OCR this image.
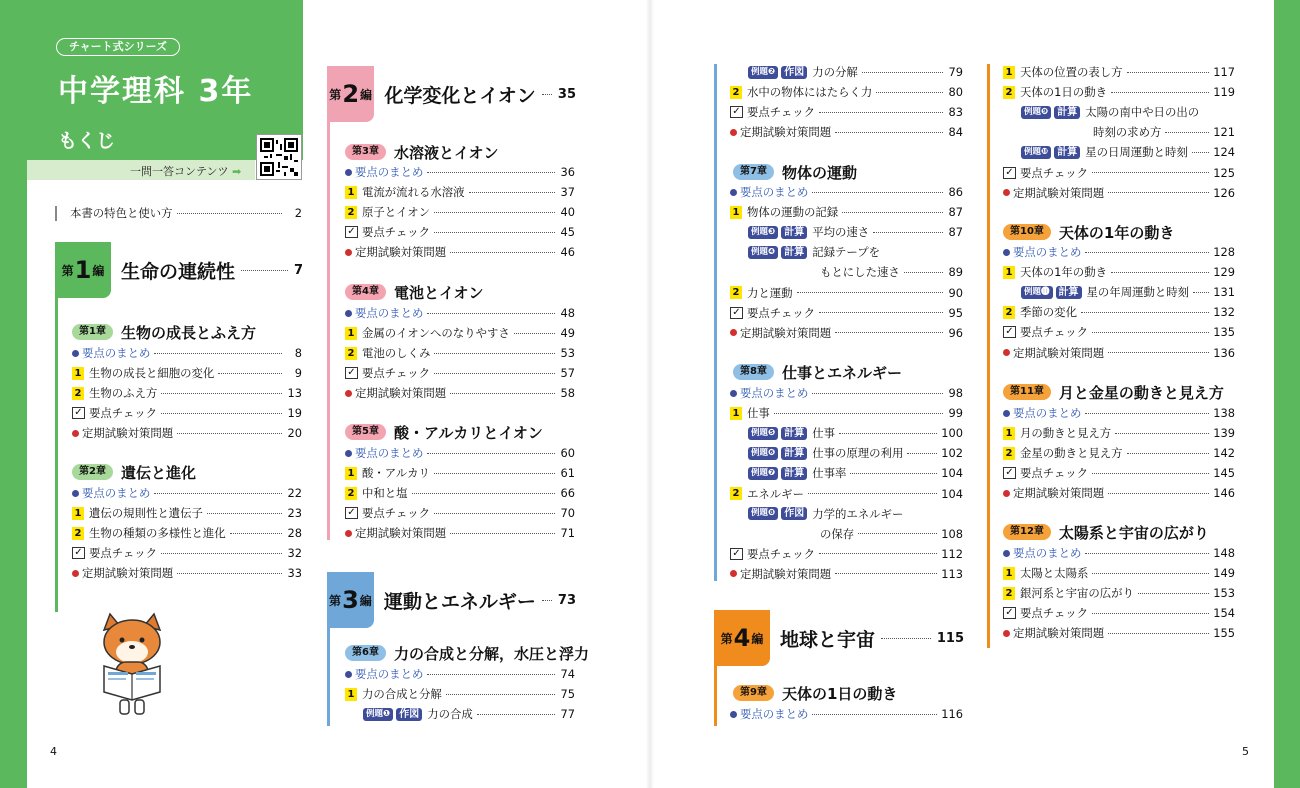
チャート式シリーズ
中学理科 3年
もくじ
一問一答コンテンツ ➡
本書の特色と使い方	2
第 1 編 生命の連続性	7
第1章	生物の成長とふえ方
第2章	遺伝と進化
第 2 編 化学変化とイオン 35
第3章	水溶液とイオン
第4章	電池とイオン
第5章	酸・アルカリとイオン
第 3 編 運動とエネルギー 73
第6章	力の合成と分解，水圧と浮力
第7章	物体の運動
第8章	仕事とエネルギー
第 4 編 地球と宇宙	115
第9章	天体の1日の動き
第10章	天体の1年の動き
第11章	月と金星の動きと見え方
第12章	太陽系と宇宙の広がり
4	5
要点のまとめ	8
1 生物の成長と細胞の変化	9
2 生物のふえ方	13
✓ 要点チェック	19
定期試験対策問題	20
要点のまとめ	22
1 遺伝の規則性と遺伝子	23
2 生物の種類の多様性と進化	28
✓ 要点チェック	32
定期試験対策問題	33
要点のまとめ	36
1 電流が流れる水溶液	37
2 原子とイオン	40
✓ 要点チェック	45
定期試験対策問題	46
要点のまとめ	48
1 金属のイオンへのなりやすさ	49
2 電池のしくみ	53
✓ 要点チェック	57
定期試験対策問題	58
要点のまとめ	60
1 酸・アルカリ	61
2 中和と塩	66
✓ 要点チェック	70
定期試験対策問題	71
要点のまとめ	74
1 力の合成と分解	75
例題❶ 作図 力の合成	77
例題❷ 作図 力の分解	79
2 水中の物体にはたらく力	80
✓ 要点チェック	83
定期試験対策問題	84
要点のまとめ	86
1 物体の運動の記録	87
例題❸ 計算 平均の速さ	87
例題❹ 計算 記録テープを
もとにした速さ	89
2 力と運動	90
✓ 要点チェック	95
定期試験対策問題	96
要点のまとめ	98
1 仕事	99
例題❺ 計算 仕事	100
例題❻ 計算 仕事の原理の利用	102
例題❼ 計算 仕事率	104
2 エネルギー	104
例題❽ 作図 力学的エネルギー
の保存	108
✓ 要点チェック	112
定期試験対策問題	113
要点のまとめ	116
1 天体の位置の表し方	117
2 天体の1日の動き	119
例題❾ 計算 太陽の南中や日の出の
時刻の求め方	121
例題❿ 計算 星の日周運動と時刻 124
✓ 要点チェック	125
定期試験対策問題	126
要点のまとめ	128
1 天体の1年の動き	129
例題⓫ 計算 星の年周運動と時刻 131
2 季節の変化	132
✓ 要点チェック	135
定期試験対策問題	136
要点のまとめ	138
1 月の動きと見え方	139
2 金星の動きと見え方	142
✓ 要点チェック	145
定期試験対策問題	146
要点のまとめ	148
1 太陽と太陽系	149
2 銀河系と宇宙の広がり	153
✓ 要点チェック	154
定期試験対策問題	155
